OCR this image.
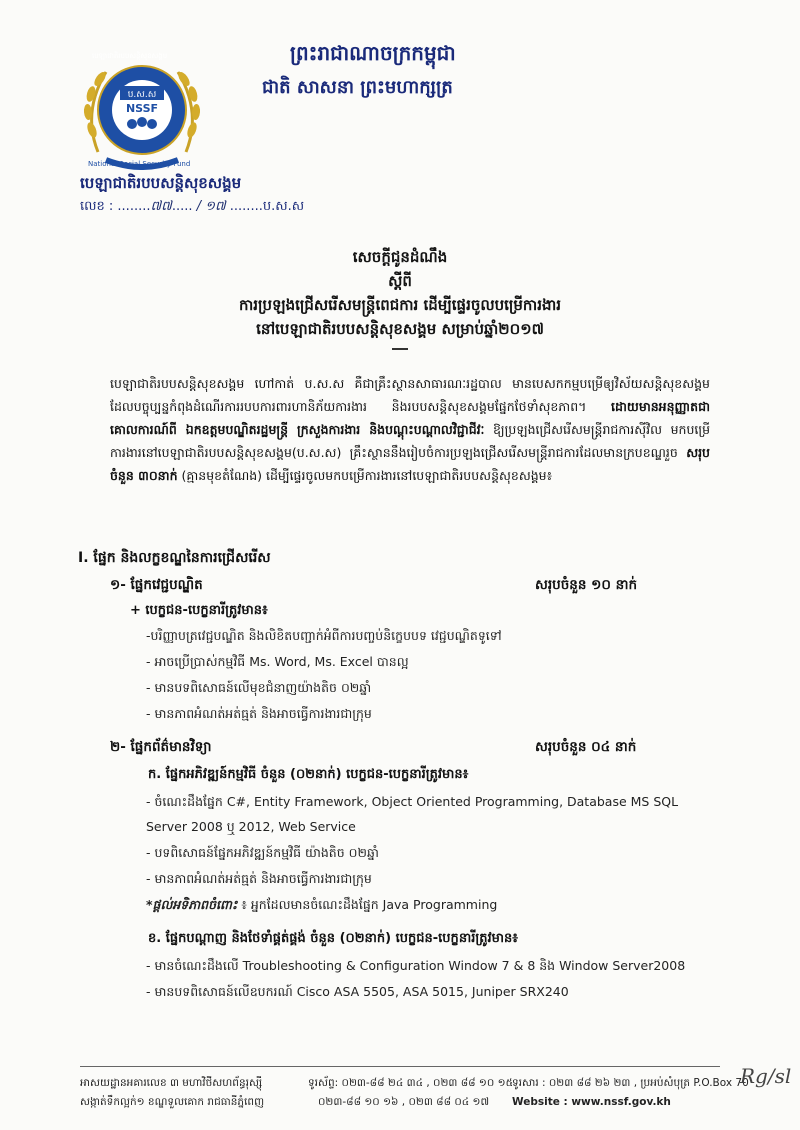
ព្រះរាជាណាចក្រកម្ពុជា
ជាតិ សាសនា ព្រះមហាក្សត្រ
ប.ស.ស
NSSF
បេឡាជាតិរបបសន្តិសុខសង្គម
National Social Security Fund
បេឡាជាតិរបបសន្តិសុខសង្គម
លេខ : ........៧៧..... / ១៧ ........ប.ស.ស
សេចក្តីជូនដំណឹង
ស្តីពី
ការប្រឡងជ្រើសរើសមន្ត្រីពេជការ ដើម្បីផ្ទេរចូលបម្រើការងារ
នៅបេឡាជាតិរបបសន្តិសុខសង្គម សម្រាប់ឆ្នាំ២០១៧
បេឡាជាតិរបបសន្តិសុខសង្គម ហៅកាត់ ប.ស.ស គឺជាគ្រឹះស្ថានសាធារណៈរដ្ឋបាល មានបេសកកម្មបម្រើឲ្យវិស័យសន្តិសុខសង្គម ដែលបច្ចុប្បន្នកំពុងដំណើរការរបបការពារហានិភ័យការងារ និងរបបសន្តិសុខសង្គមផ្នែកថែទាំសុខភាព។ ដោយមានអនុញ្ញាតជាគោលការណ៍ពី ឯកឧត្តមបណ្ឌិតរដ្ឋមន្ត្រី ក្រសួងការងារ និងបណ្តុះបណ្តាលវិជ្ជាជីវៈ ឱ្យប្រឡងជ្រើសរើសមន្ត្រីរាជការស៊ីវិល មកបម្រើការងារនៅបេឡាជាតិរបបសន្តិសុខសង្គម(ប.ស.ស) គ្រឹះស្ថាននឹងរៀបចំការប្រឡងជ្រើសរើសមន្ត្រីរាជការដែលមានក្របខណ្ឌរួច សរុបចំនួន ៣០នាក់ (គ្មានមុខតំណែង) ដើម្បីផ្ទេរចូលមកបម្រើការងារនៅបេឡាជាតិរបបសន្តិសុខសង្គម៖
I. ផ្នែក និងលក្ខខណ្ឌនៃការជ្រើសរើស
១- ផ្នែកវេជ្ជបណ្ឌិត	សរុបចំនួន ១០ នាក់
+ បេក្ខជន-បេក្ខនារីត្រូវមាន៖
-បរិញ្ញាបត្រវេជ្ជបណ្ឌិត និងលិខិតបញ្ជាក់អំពីការបញ្ចប់និក្ខេបបទ វេជ្ជបណ្ឌិតទូទៅ
- អាចប្រើប្រាស់កម្មវិធី Ms. Word, Ms. Excel បានល្អ
- មានបទពិសោធន៍លើមុខជំនាញយ៉ាងតិច ០២ឆ្នាំ
- មានភាពអំណត់អត់ធ្មត់ និងអាចធ្វើការងារជាក្រុម
២- ផ្នែកព័ត៌មានវិទ្យា	សរុបចំនួន ០៤ នាក់
ក. ផ្នែកអភិវឌ្ឍន៍កម្មវិធី ចំនួន (០២នាក់) បេក្ខជន-បេក្ខនារីត្រូវមាន៖
- ចំណេះដឹងផ្នែក C#, Entity Framework, Object Oriented Programming, Database MS SQL
Server 2008 ឬ 2012, Web Service
- បទពិសោធន៍ផ្នែកអភិវឌ្ឍន៍កម្មវិធី យ៉ាងតិច ០២ឆ្នាំ
- មានភាពអំណត់អត់ធ្មត់ និងអាចធ្វើការងារជាក្រុម
*ផ្តល់អទិភាពចំពោះ ៖ អ្នកដែលមានចំណេះដឹងផ្នែក Java Programming
ខ. ផ្នែកបណ្តាញ និងថែទាំផ្គត់ផ្គង់ ចំនួន (០២នាក់) បេក្ខជន-បេក្ខនារីត្រូវមាន៖
- មានចំណេះដឹងលើ Troubleshooting & Configuration Window 7 & 8 និង Window Server2008
- មានបទពិសោធន៍លើឧបករណ៍ Cisco ASA 5505, ASA 5015, Juniper SRX240
អាសយដ្ឋានអគារលេខ ៣ មហាវិថីសហព័ន្ធរុស្ស៊ី
សង្កាត់ទឹកល្អក់១ ខណ្ឌទួលគោក រាជធានីភ្នំពេញ
ទូរស័ព្ទ: ០២៣-៨៨ ២៤ ៣៤ , ០២៣ ៨៨ ១០ ១៥
០២៣-៨៨ ១០ ១៦ , ០២៣ ៨៨ ០៤ ១៧
ទូរសារ : ០២៣ ៨៨ ២៦ ២៣ , ប្រអប់សំបុត្រ P.O.Box 70
Website : www.nssf.gov.kh
Rg/sl
